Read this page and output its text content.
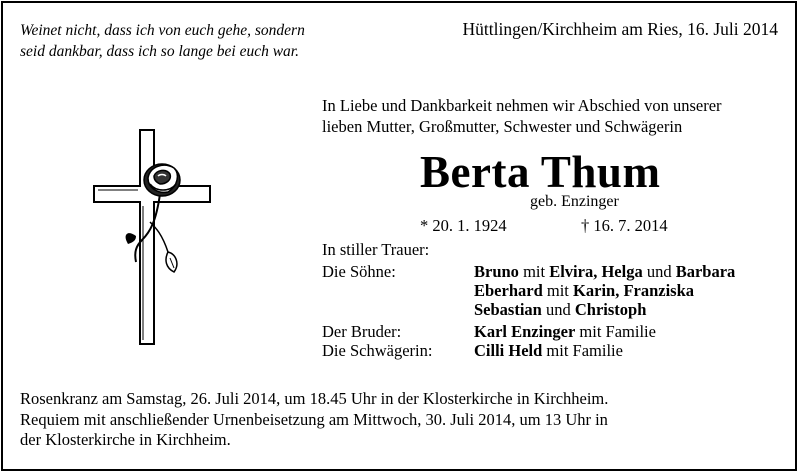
Weinet nicht, dass ich von euch gehe, sondern
seid dankbar, dass ich so lange bei euch war.
Hüttlingen/Kirchheim am Ries, 16. Juli 2014
In Liebe und Dankbarkeit nehmen wir Abschied von unserer
lieben Mutter, Großmutter, Schwester und Schwägerin
Berta Thum
geb. Enzinger
* 20. 1. 1924	† 16. 7. 2014
In stiller Trauer:
Die Söhne:	Bruno mit Elvira, Helga und Barbara
Eberhard mit Karin, Franziska
Sebastian und Christoph
Der Bruder:	Karl Enzinger mit Familie
Die Schwägerin:	Cilli Held mit Familie
Rosenkranz am Samstag, 26. Juli 2014, um 18.45 Uhr in der Klosterkirche in Kirchheim.
Requiem mit anschließender Urnenbeisetzung am Mittwoch, 30. Juli 2014, um 13 Uhr in
der Klosterkirche in Kirchheim.
